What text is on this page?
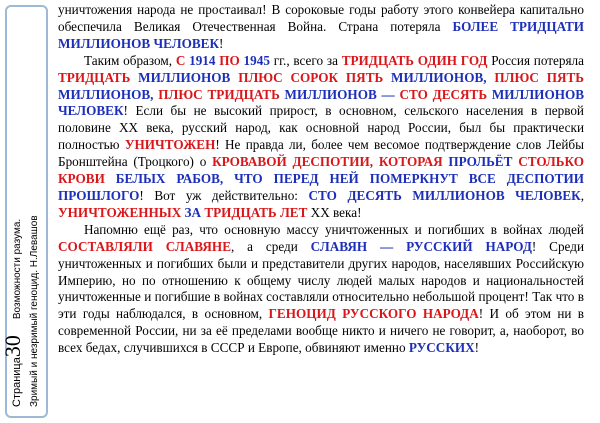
Страница30Возможности разума. Зримый и незримый геноцид. Н.Левашов

уничтожения народа не простаивал! В сороковые годы работу этого конвейера капитально обеспечила Великая Отечественная Война. Страна потеряла БОЛЕЕ ТРИДЦАТИ МИЛЛИОНОВ ЧЕЛОВЕК!

Таким образом, С 1914 ПО 1945 гг., всего за ТРИДЦАТЬ ОДИН ГОД Россия потеряла ТРИДЦАТЬ МИЛЛИОНОВ ПЛЮС СОРОК ПЯТЬ МИЛЛИОНОВ, ПЛЮС ПЯТЬ МИЛЛИОНОВ, ПЛЮС ТРИДЦАТЬ МИЛЛИОНОВ — СТО ДЕСЯТЬ МИЛЛИОНОВ ЧЕЛОВЕК! Если бы не высокий прирост, в основном, сельского населения в первой половине XX века, русский народ, как основной народ России, был бы практически полностью УНИЧТОЖЕН! Не правда ли, более чем весомое подтверждение слов Лейбы Бронштейна (Троцкого) о КРОВАВОЙ ДЕСПОТИИ, КОТОРАЯ ПРОЛЬЁТ СТОЛЬКО КРОВИ БЕЛЫХ РАБОВ, ЧТО ПЕРЕД НЕЙ ПОМЕРКНУТ ВСЕ ДЕСПОТИИ ПРОШЛОГО! Вот уж действительно: СТО ДЕСЯТЬ МИЛЛИОНОВ ЧЕЛОВЕК, УНИЧТОЖЕННЫХ ЗА ТРИДЦАТЬ ЛЕТ XX века!

Напомню ещё раз, что основную массу уничтоженных и погибших в войнах людей СОСТАВЛЯЛИ СЛАВЯНЕ, а среди СЛАВЯН — РУССКИЙ НАРОД! Среди уничтоженных и погибших были и представители других народов, населявших Российскую Империю, но по отношению к общему числу людей малых народов и национальностей уничтоженные и погибшие в войнах составляли относительно небольшой процент! Так что в эти годы наблюдался, в основном, ГЕНОЦИД РУССКОГО НАРОДА! И об этом ни в современной России, ни за её пределами вообще никто и ничего не говорит, а, наоборот, во всех бедах, случившихся в СССР и Европе, обвиняют именно РУССКИХ!
